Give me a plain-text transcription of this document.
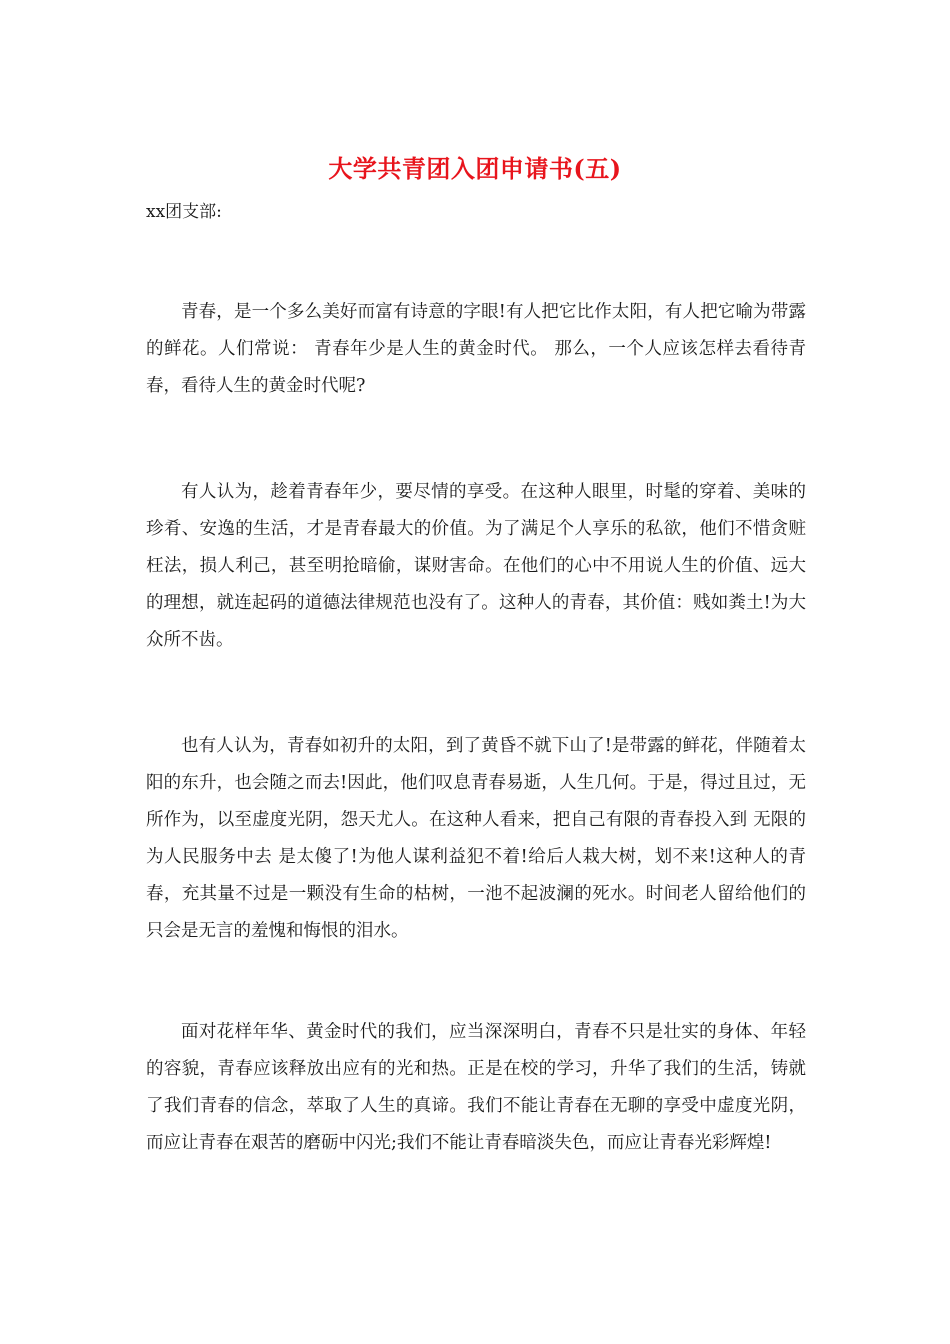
大学共青团入团申请书(五)
xx团支部:

青春，是一个多么美好而富有诗意的字眼!有人把它比作太阳，有人把它喻为带露的鲜花。人们常说： 青春年少是人生的黄金时代。 那么，一个人应该怎样去看待青春，看待人生的黄金时代呢?

有人认为，趁着青春年少，要尽情的享受。在这种人眼里，时髦的穿着、美味的珍肴、安逸的生活，才是青春最大的价值。为了满足个人享乐的私欲，他们不惜贪赃枉法，损人利己，甚至明抢暗偷，谋财害命。在他们的心中不用说人生的价值、远大的理想，就连起码的道德法律规范也没有了。这种人的青春，其价值：贱如粪土!为大众所不齿。

也有人认为，青春如初升的太阳，到了黄昏不就下山了!是带露的鲜花，伴随着太阳的东升，也会随之而去!因此，他们叹息青春易逝，人生几何。于是，得过且过，无所作为，以至虚度光阴，怨天尤人。在这种人看来，把自己有限的青春投入到 无限的为人民服务中去 是太傻了!为他人谋利益犯不着!给后人栽大树，划不来!这种人的青春，充其量不过是一颗没有生命的枯树，一池不起波澜的死水。时间老人留给他们的只会是无言的羞愧和悔恨的泪水。

面对花样年华、黄金时代的我们，应当深深明白，青春不只是壮实的身体、年轻的容貌，青春应该释放出应有的光和热。正是在校的学习，升华了我们的生活，铸就了我们青春的信念，萃取了人生的真谛。我们不能让青春在无聊的享受中虚度光阴，而应让青春在艰苦的磨砺中闪光;我们不能让青春暗淡失色，而应让青春光彩辉煌!
